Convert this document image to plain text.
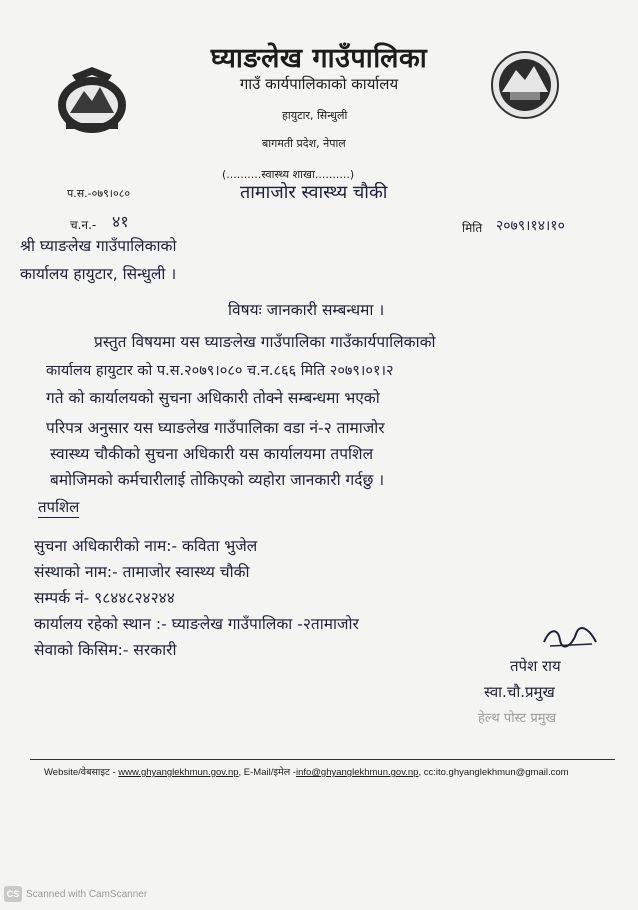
घ्याङलेख गाउँपालिका
गाउँ कार्यपालिकाको कार्यालय
हायुटार, सिन्धुली
बागमती प्रदेश, नेपाल
(..........स्वास्थ्य शाखा..........)
तामाजोर स्वास्थ्य चौकी
प.स.-०७९।०८०
च.न.- ४१	मिति २०७९।१४।१०
श्री घ्याङलेख गाउँपालिकाको
कार्यालय हायुटार, सिन्धुली ।
विषयः जानकारी सम्बन्धमा ।
प्रस्तुत विषयमा यस घ्याङलेख गाउँपालिका गाउँकार्यपालिकाको
कार्यालय हायुटार को प.स.२०७९।०८० च.न.८६६ मिति २०७९।०१।२
गते को कार्यालयको सुचना अधिकारी तोक्ने सम्बन्धमा भएको
परिपत्र अनुसार यस घ्याङलेख गाउँपालिका वडा नं-२ तामाजोर
स्वास्थ्य चौकीको सुचना अधिकारी यस कार्यालयमा तपशिल
बमोजिमको कर्मचारीलाई तोकिएको व्यहोरा जानकारी गर्दछु ।
तपशिल
सुचना अधिकारीको नाम:- कविता भुजेल
संस्थाको नाम:- तामाजोर स्वास्थ्य चौकी
सम्पर्क नं- ९८४४८२४२४४
कार्यालय रहेको स्थान :- घ्याङलेख गाउँपालिका -२तामाजोर
सेवाको किसिम:- सरकारी
तपेश राय
स्वा.चौ.प्रमुख
हेल्थ पोस्ट प्रमुख
Website/वेबसाइट - www.ghyanglekhmun.gov.np, E-Mail/इमेल -info@ghyanglekhmun.gov.np, cc:ito.ghyanglekhmun@gmail.com
CS Scanned with CamScanner
